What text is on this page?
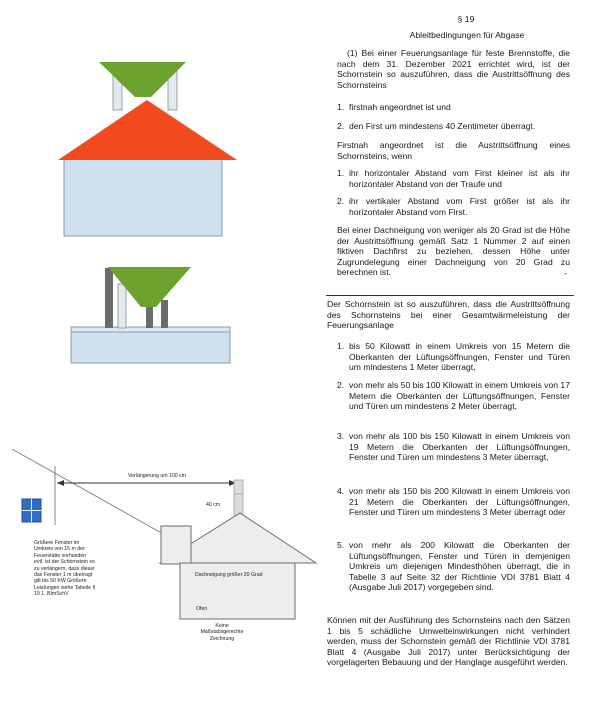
Verlängerung um 100 cm
40 cm
Größere Fenster im Umkreis von 15 m der Feuerstätte vorhanden evtl. ist der Schornstein so zu verlängern, dass dieser das Fenster 1 m überragt gilt bis 50 KW Größere Leistungen siehe Tabelle § 19 1. BImSchV
Dachneigung größer 20 Grad
Ofen
Keine Maßstabsgerechte Zeichnung
§ 19
Ableitbedingungen für Abgase
(1) Bei einer Feuerungsanlage für feste Brennstoffe, die nach dem 31. Dezember 2021 errichtet wird, ist der Schornstein so auszuführen, dass die Austrittsöffnung des Schornsteins
1. firstnah angeordnet ist und
2. den First um mindestens 40 Zentimeter überragt.
Firstnah angeordnet ist die Austrittsöffnung eines Schornsteins, wenn
1. ihr horizontaler Abstand vom First kleiner ist als ihr horizontaler Abstand von der Traufe und
2. ihr vertikaler Abstand vom First größer ist als ihr horizontaler Abstand vom First.
Bei einer Dachneigung von weniger als 20 Grad ist die Höhe der Austrittsöffnung gemäß Satz 1 Nummer 2 auf einen fiktiven Dachfirst zu beziehen, dessen Höhe unter Zugrundelegung einer Dachneigung von 20 Grad zu berechnen ist.	-
Der Schornstein ist so auszuführen, dass die Austrittsöffnung des Schornsteins bei einer Gesamtwärmeleistung der Feuerungsanlage
1. bis 50 Kilowatt in einem Umkreis von 15 Metern die Oberkanten der Lüftungsöffnungen, Fenster und Türen um mindestens 1 Meter überragt,
2. von mehr als 50 bis 100 Kilowatt in einem Umkreis von 17 Metern die Oberkanten der Lüftungsöffnungen, Fenster und Türen um mindestens 2 Meter überragt,
3. von mehr als 100 bis 150 Kilowatt in einem Umkreis von 19 Metern die Oberkanten der Lüftungsöffnungen, Fenster und Türen um mindestens 3 Meter überragt,
4. von mehr als 150 bis 200 Kilowatt in einem Umkreis von 21 Metern die Oberkanten der Lüftungsöffnungen, Fenster und Türen um mindestens 3 Meter überragt oder
5. von mehr als 200 Kilowatt die Oberkanten der Lüftungsöffnungen, Fenster und Türen in demjenigen Umkreis um diejenigen Mindesthöhen überragt, die in Tabelle 3 auf Seite 32 der Richtlinie VDI 3781 Blatt 4 (Ausgabe Juli 2017) vorgegeben sind.
Können mit der Ausführung des Schornsteins nach den Sätzen 1 bis 5 schädliche Umwelteinwirkungen nicht verhindert werden, muss der Schornstein gemäß der Richtlinie VDI 3781 Blatt 4 (Ausgabe Juli 2017) unter Berücksichtigung der vorgelagerten Bebauung und der Hanglage ausgeführt werden.
